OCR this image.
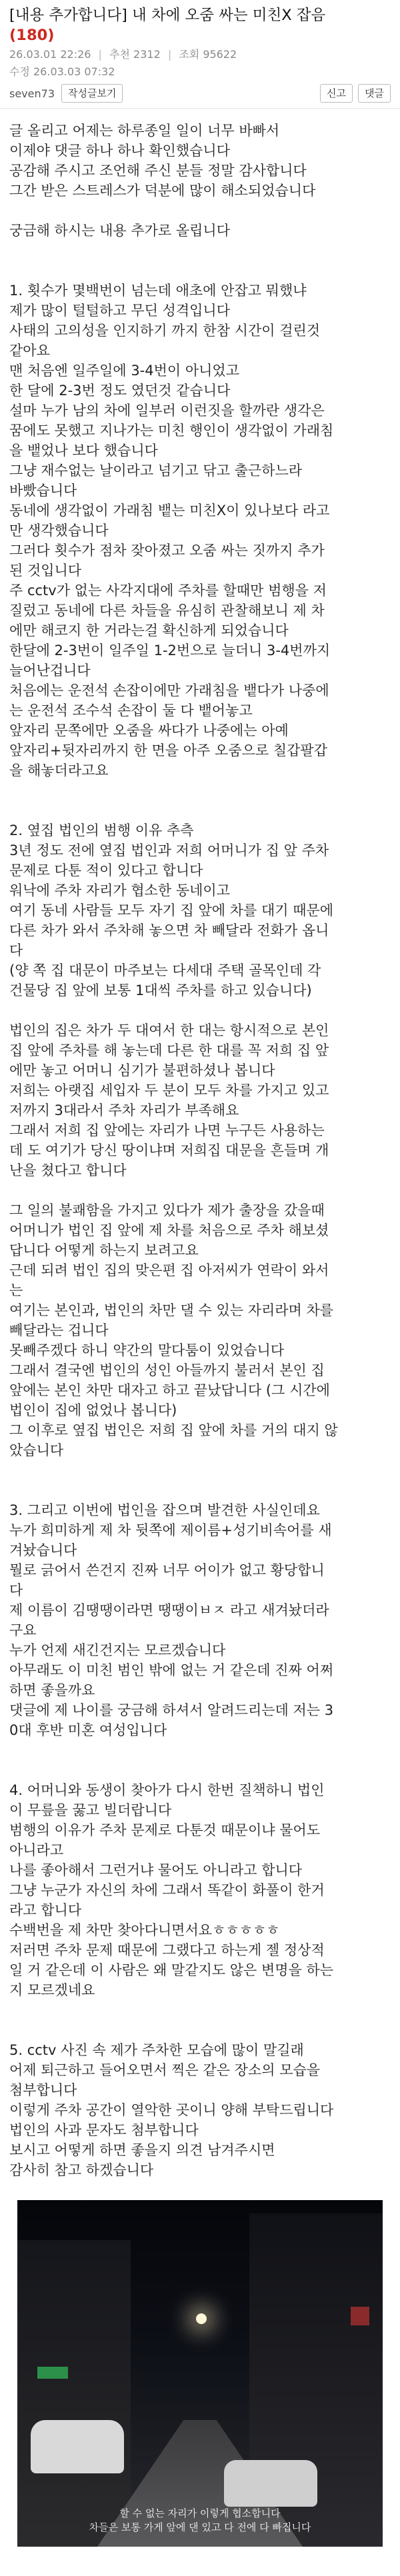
[내용 추가합니다] 내 차에 오줌 싸는 미친X 잡음
(180)
26.03.01 22:26 | 추천 2312 | 조회 95622
수정 26.03.03 07:32
seven73	작성글보기	신고	댓글

글 올리고 어제는 하루종일 일이 너무 바빠서

이제야 댓글 하나 하나 확인했습니다

공감해 주시고 조언해 주신 분들 정말 감사합니다

그간 받은 스트레스가 덕분에 많이 해소되었습니다

궁금해 하시는 내용 추가로 올립니다

1. 횟수가 몇백번이 넘는데 애초에 안잡고 뭐했냐

제가 많이 털털하고 무딘 성격입니다

사태의 고의성을 인지하기 까지 한참 시간이 걸린것

같아요

맨 처음엔 일주일에 3-4번이 아니었고

한 달에 2-3번 정도 였던것 같습니다

설마 누가 남의 차에 일부러 이런짓을 할까란 생각은

꿈에도 못했고 지나가는 미친 행인이 생각없이 가래침

을 뱉었나 보다 했습니다

그냥 재수없는 날이라고 넘기고 닦고 출근하느라

바빴습니다

동네에 생각없이 가래침 뱉는 미친X이 있나보다 라고

만 생각했습니다

그러다 횟수가 점차 잦아졌고 오줌 싸는 짓까지 추가

된 것입니다

주 cctv가 없는 사각지대에 주차를 할때만 범행을 저

질렀고 동네에 다른 차들을 유심히 관찰해보니 제 차

에만 해코지 한 거라는걸 확신하게 되었습니다

한달에 2-3번이 일주일 1-2번으로 늘더니 3-4번까지

늘어난겁니다

처음에는 운전석 손잡이에만 가래침을 뱉다가 나중에

는 운전석 조수석 손잡이 둘 다 뱉어놓고

앞자리 문쪽에만 오줌을 싸다가 나중에는 아예

앞자리+뒷자리까지 한 면을 아주 오줌으로 칠갑팔갑

을 해놓더라고요

2. 옆집 법인의 범행 이유 추측

3년 정도 전에 옆집 법인과 저희 어머니가 집 앞 주차

문제로 다툰 적이 있다고 합니다

워낙에 주차 자리가 협소한 동네이고

여기 동네 사람들 모두 자기 집 앞에 차를 대기 때문에

다른 차가 와서 주차해 놓으면 차 빼달라 전화가 옵니

다

(양 쪽 집 대문이 마주보는 다세대 주택 골목인데 각

건물당 집 앞에 보통 1대씩 주차를 하고 있습니다)

법인의 집은 차가 두 대여서 한 대는 항시적으로 본인

집 앞에 주차를 해 놓는데 다른 한 대를 꼭 저희 집 앞

에만 놓고 어머니 심기가 불편하셨나 봅니다

저희는 아랫집 세입자 두 분이 모두 차를 가지고 있고

저까지 3대라서 주차 자리가 부족해요

그래서 저희 집 앞에는 자리가 나면 누구든 사용하는

데 도 여기가 당신 땅이냐며 저희집 대문을 흔들며 개

난을 쳤다고 합니다

그 일의 불쾌함을 가지고 있다가 제가 출장을 갔을때

어머니가 법인 집 앞에 제 차를 처음으로 주차 해보셨

답니다 어떻게 하는지 보려고요

근데 되려 법인 집의 맞은편 집 아저씨가 연락이 와서

는

여기는 본인과, 법인의 차만 댈 수 있는 자리라며 차를

빼달라는 겁니다

못빼주겠다 하니 약간의 말다툼이 있었습니다

그래서 결국엔 법인의 성인 아들까지 불러서 본인 집

앞에는 본인 차만 대자고 하고 끝났답니다 (그 시간에

법인이 집에 없었나 봅니다)

그 이후로 옆집 법인은 저희 집 앞에 차를 거의 대지 않

았습니다

3. 그리고 이번에 법인을 잡으며 발견한 사실인데요

누가 희미하게 제 차 뒷쪽에 제이름+성기비속어를 새

겨놨습니다

뭘로 긁어서 쓴건지 진짜 너무 어이가 없고 황당합니

다

제 이름이 김땡땡이라면 땡땡이ㅂㅈ 라고 새겨놨더라

구요

누가 언제 새긴건지는 모르겠습니다

아무래도 이 미친 범인 밖에 없는 거 같은데 진짜 어쩌

하면 좋을까요

댓글에 제 나이를 궁금해 하셔서 알려드리는데 저는 3

0대 후반 미혼 여성입니다

4. 어머니와 동생이 찾아가 다시 한번 질책하니 법인

이 무릎을 꿇고 빌더랍니다

범행의 이유가 주차 문제로 다툰것 때문이냐 물어도

아니라고

나를 좋아해서 그런거냐 물어도 아니라고 합니다

그냥 누군가 자신의 차에 그래서 똑같이 화풀이 한거

라고 합니다

수백번을 제 차만 찾아다니면서요ㅎㅎㅎㅎㅎ

저러면 주차 문제 때문에 그랬다고 하는게 젤 정상적

일 거 같은데 이 사람은 왜 말같지도 않은 변명을 하는

지 모르겠네요

5. cctv 사진 속 제가 주차한 모습에 많이 말길래

어제 퇴근하고 들어오면서 찍은 같은 장소의 모습을

첨부합니다

이렇게 주차 공간이 열악한 곳이니 양해 부탁드립니다

법인의 사과 문자도 첨부합니다

보시고 어떻게 하면 좋을지 의견 남겨주시면

감사히 참고 하겠습니다

할 수 없는 자리가 이렇게 협소합니다
차들은 보통 가게 앞에 댄 있고 다 전에 다 빠집니다
